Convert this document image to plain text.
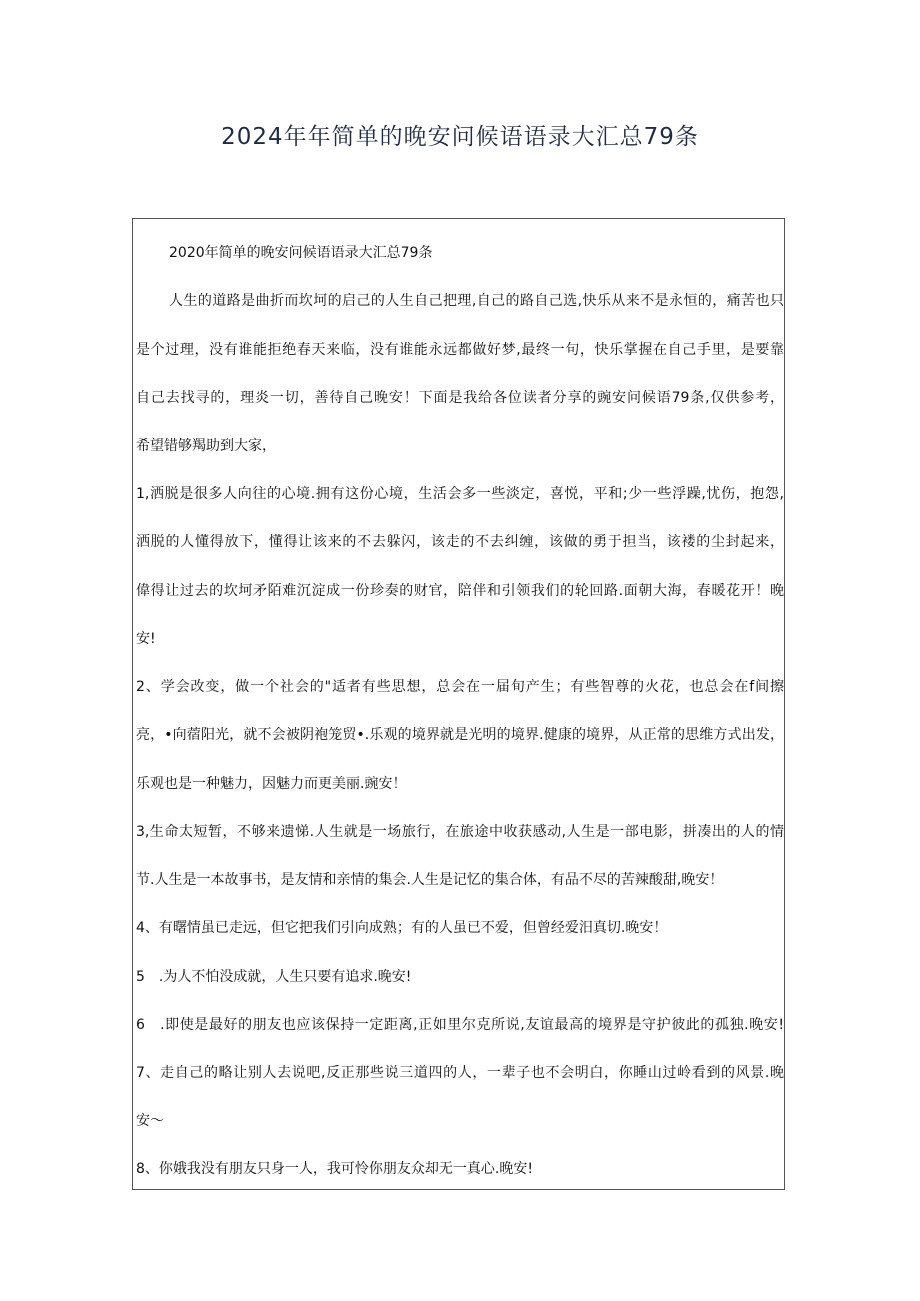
2024年年简单的晚安问候语语录大汇总79条
2020年简单的晚安问候语语录大汇总79条
人生的道路是曲折而坎坷的启己的人生自己把理,自己的路自己选,快乐从来不是永恒的，痛苦也只
是个过理，没有谁能拒绝春天来临，没有谁能永远都做好梦,最终一句，快乐掌握在自己手里，是要靠
自己去找寻的，理炎一切，善待自己晚安！下面是我给各位读者分享的豌安问候语79条,仅供参考，
希望错够羯助到大家，
1,洒脱是很多人向往的心境.拥有这份心境，生活会多一些淡定，喜悦，平和;少一些浮躁,忧伤，抱怨,
洒脱的人懂得放下，懂得让该来的不去躲闪，该走的不去纠缠，该做的勇于担当，该褛的尘封起来，
偉得让过去的坎坷矛陌难沉淀成一份珍奏的财官，陪伴和引领我们的轮回路.面朝大海，春暖花开！晚
安!
2、学会改变，做一个社会的"适者有些思想，总会在一届旬产生；有些智尊的火花，也总会在f间擦
亮，•向蓿阳光，就不会被阴袍笼贸•.乐观的境界就是光明的境界.健康的境界，从正常的思维方式出发，
乐观也是一种魅力，因魅力而更美丽.豌安！
3,生命太短暂，不够来遗悌.人生就是一场旅行，在旅途中收获感动,人生是一部电影，拼凑出的人的情
节.人生是一本故事书，是友情和亲情的集会.人生是记忆的集合体，有品不尽的苦辣酸甜,晚安！
4、有曙情虽已走远，但它把我们引向成熟；有的人虽已不爱，但曾经爱汨真切.晚安！
5　.为人不怕没成就，人生只要有追求.晚安!
6　.即使是最好的朋友也应该保持一定距离,正如里尔克所说,友谊最高的境界是守护彼此的孤独.晚安!
7、走自己的略让别人去说吧,反正那些说三道四的人，一辈子也不会明白，你睡山过岭看到的风景.晚
安〜
8、你娥我没有朋友只身一人，我可怜你朋友众却无一真心.晚安!
